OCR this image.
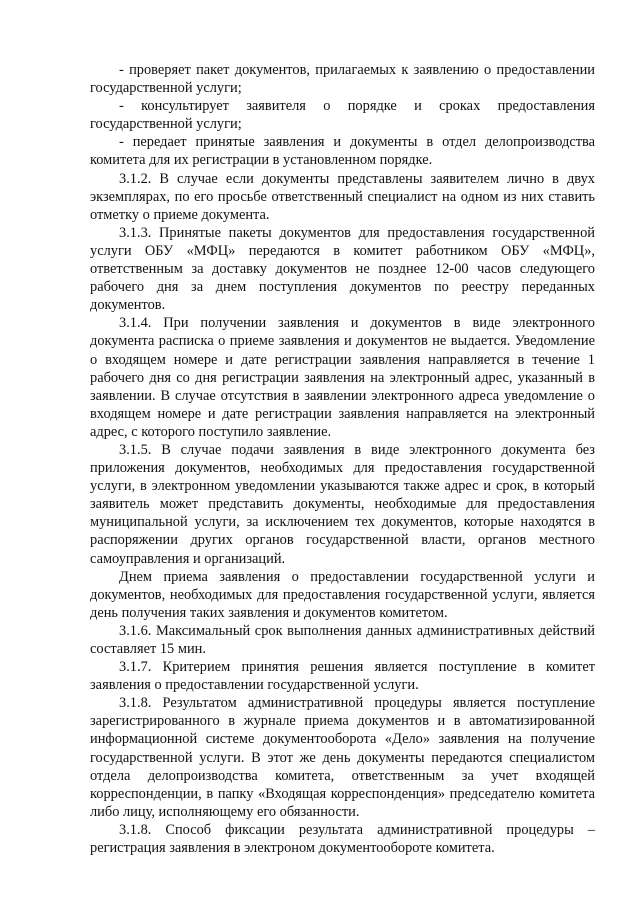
- проверяет пакет документов, прилагаемых к заявлению о предоставлении государственной услуги;

- консультирует заявителя о порядке и сроках предоставления государственной услуги;

- передает принятые заявления и документы в отдел делопроизводства комитета для их регистрации в установленном порядке.

3.1.2. В случае если документы представлены заявителем лично в двух экземплярах, по его просьбе ответственный специалист на одном из них ставить отметку о приеме документа.

3.1.3. Принятые пакеты документов для предоставления государственной услуги ОБУ «МФЦ» передаются в комитет работником ОБУ «МФЦ», ответственным за доставку документов не позднее 12-00 часов следующего рабочего дня за днем поступления документов по реестру переданных документов.

3.1.4. При получении заявления и документов в виде электронного документа расписка о приеме заявления и документов не выдается. Уведомление о входящем номере и дате регистрации заявления направляется в течение 1 рабочего дня со дня регистрации заявления на электронный адрес, указанный в заявлении. В случае отсутствия в заявлении электронного адреса уведомление о входящем номере и дате регистрации заявления направляется на электронный адрес, с которого поступило заявление.

3.1.5. В случае подачи заявления в виде электронного документа без приложения документов, необходимых для предоставления государственной услуги, в электронном уведомлении указываются также адрес и срок, в который заявитель может представить документы, необходимые для предоставления муниципальной услуги, за исключением тех документов, которые находятся в распоряжении других органов государственной власти, органов местного самоуправления и организаций.

Днем приема заявления о предоставлении государственной услуги и документов, необходимых для предоставления государственной услуги, является день получения таких заявления и документов комитетом.

3.1.6. Максимальный срок выполнения данных административных действий составляет 15 мин.

3.1.7. Критерием принятия решения является поступление в комитет заявления о предоставлении государственной услуги.

3.1.8. Результатом административной процедуры является поступление зарегистрированного в журнале приема документов и в автоматизированной информационной системе документооборота «Дело» заявления на получение государственной услуги. В этот же день документы передаются специалистом отдела делопроизводства комитета, ответственным за учет входящей корреспонденции, в папку «Входящая корреспонденция» председателю комитета либо лицу, исполняющему его обязанности.

3.1.8. Способ фиксации результата административной процедуры – регистрация заявления в электроном документообороте комитета.
